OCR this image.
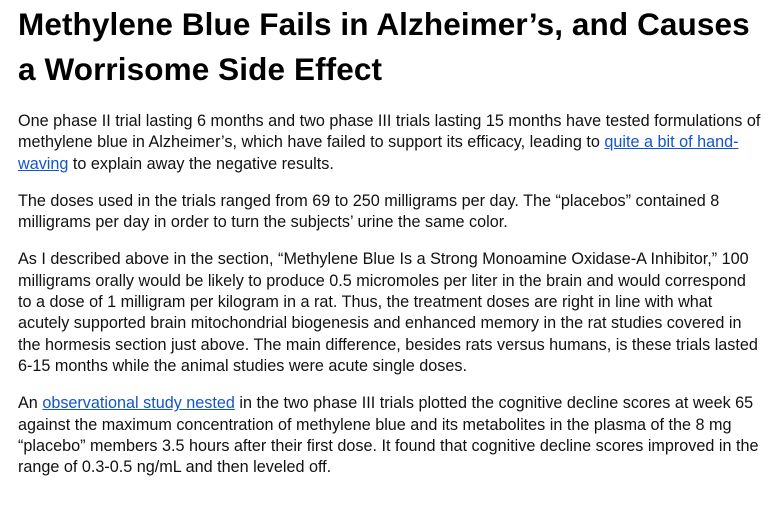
Methylene Blue Fails in Alzheimer’s, and Causes a Worrisome Side Effect

One phase II trial lasting 6 months and two phase III trials lasting 15 months have tested formulations of methylene blue in Alzheimer’s, which have failed to support its efficacy, leading to quite a bit of hand-waving to explain away the negative results.

The doses used in the trials ranged from 69 to 250 milligrams per day. The “placebos” contained 8 milligrams per day in order to turn the subjects’ urine the same color.

As I described above in the section, “Methylene Blue Is a Strong Monoamine Oxidase-A Inhibitor,” 100 milligrams orally would be likely to produce 0.5 micromoles per liter in the brain and would correspond to a dose of 1 milligram per kilogram in a rat. Thus, the treatment doses are right in line with what acutely supported brain mitochondrial biogenesis and enhanced memory in the rat studies covered in the hormesis section just above. The main difference, besides rats versus humans, is these trials lasted 6-15 months while the animal studies were acute single doses.

An observational study nested in the two phase III trials plotted the cognitive decline scores at week 65 against the maximum concentration of methylene blue and its metabolites in the plasma of the 8 mg “placebo” members 3.5 hours after their first dose. It found that cognitive decline scores improved in the range of 0.3-0.5 ng/mL and then leveled off.
